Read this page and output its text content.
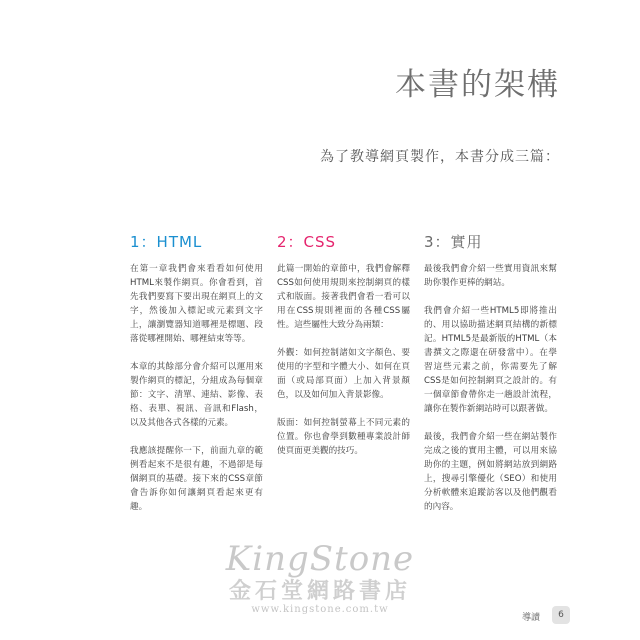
本書的架構
為了教導網頁製作，本書分成三篇：
1：HTML

在第一章我們會來看看如何使用HTML來製作網頁。你會看到，首先我們要寫下要出現在網頁上的文字，然後加入標記或元素到文字上，讓瀏覽器知道哪裡是標題、段落從哪裡開始、哪裡結束等等。

本章的其餘部分會介紹可以運用來製作網頁的標記，分組成為每個章節：文字、清單、連結、影像、表格、表單、視訊、音訊和Flash，以及其他各式各樣的元素。

我應該提醒你一下，前面九章的範例看起來不是很有趣，不過卻是每個網頁的基礎。接下來的CSS章節會告訴你如何讓網頁看起來更有趣。

2：CSS

此篇一開始的章節中，我們會解釋CSS如何使用規則來控制網頁的樣式和版面。接著我們會看一看可以用在CSS規則裡面的各種CSS屬性。這些屬性大致分為兩類：

外觀：如何控制諸如文字顏色、要使用的字型和字體大小、如何在頁面（或局部頁面）上加入背景顏色，以及如何加入背景影像。

版面：如何控制螢幕上不同元素的位置。你也會學到數種專業設計師使頁面更美觀的技巧。

3：實用

最後我們會介紹一些實用資訊來幫助你製作更棒的網站。

我們會介紹一些HTML5即將推出的、用以協助描述網頁結構的新標記。HTML5是最新版的HTML（本書撰文之際還在研發當中）。在學習這些元素之前，你需要先了解CSS是如何控制網頁之設計的。有一個章節會帶你走一趟設計流程，讓你在製作新網站時可以跟著做。

最後，我們會介紹一些在網站製作完成之後的實用主體，可以用來協助你的主題，例如將網站放到網路上，搜尋引擎優化（SEO）和使用分析軟體來追蹤訪客以及他們觀看的內容。

KingStone
金石堂網路書店
www.kingstone.com.tw
導讀	6
